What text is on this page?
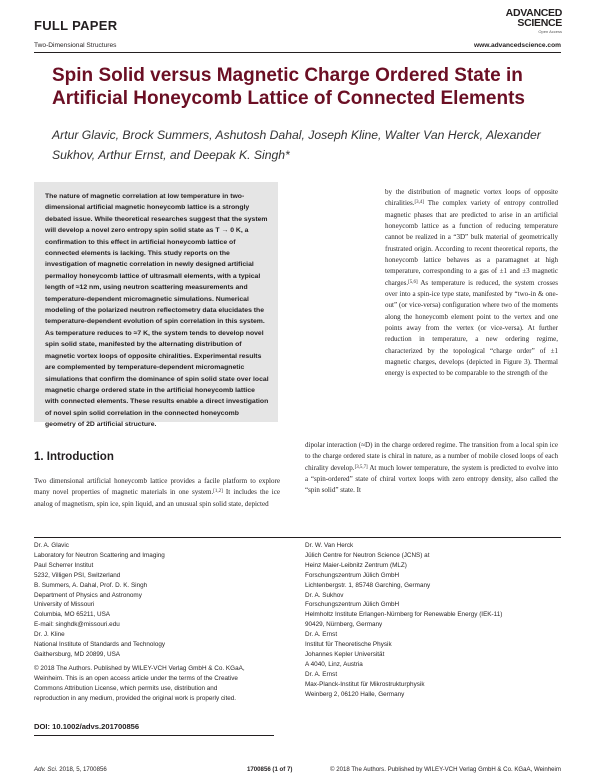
FULL PAPER
ADVANCED
SCIENCE
Open Access
Two-Dimensional Structures	www.advancedscience.com
Spin Solid versus Magnetic Charge Ordered State in Artificial Honeycomb Lattice of Connected Elements
Artur Glavic, Brock Summers, Ashutosh Dahal, Joseph Kline, Walter Van Herck, Alexander Sukhov, Arthur Ernst, and Deepak K. Singh*

The nature of magnetic correlation at low temperature in two-dimensional artificial magnetic honeycomb lattice is a strongly debated issue. While theoretical researches suggest that the system will develop a novel zero entropy spin solid state as T → 0 K, a confirmation to this effect in artificial honeycomb lattice of connected elements is lacking. This study reports on the investigation of magnetic correlation in newly designed artificial permalloy honeycomb lattice of ultrasmall elements, with a typical length of ≈12 nm, using neutron scattering measurements and temperature-dependent micromagnetic simulations. Numerical modeling of the polarized neutron reflectometry data elucidates the temperature-dependent evolution of spin correlation in this system. As temperature reduces to ≈7 K, the system tends to develop novel spin solid state, manifested by the alternating distribution of magnetic vortex loops of opposite chiralities. Experimental results are complemented by temperature-dependent micromagnetic simulations that confirm the dominance of spin solid state over local magnetic charge ordered state in the artificial honeycomb lattice with connected elements. These results enable a direct investigation of novel spin solid correlation in the connected honeycomb geometry of 2D artificial structure.

by the distribution of magnetic vortex loops of opposite chiralities.[3,4] The complex variety of entropy controlled magnetic phases that are predicted to arise in an artificial honeycomb lattice as a function of reducing temperature cannot be realized in a “3D” bulk material of geometrically frustrated origin. According to recent theoretical reports, the honeycomb lattice behaves as a paramagnet at high temperature, corresponding to a gas of ±1 and ±3 magnetic charges.[5,6] As temperature is reduced, the system crosses over into a spin-ice type state, manifested by “two-in & one-out” (or vice-versa) configuration where two of the moments along the honeycomb element point to the vertex and one points away from the vertex (or vice-versa). At further reduction in temperature, a new ordering regime, characterized by the topological “charge order” of ±1 magnetic charges, develops (depicted in Figure 3). Thermal energy is expected to be comparable to the strength of the

1. Introduction

Two dimensional artificial honeycomb lattice provides a facile platform to explore many novel properties of magnetic materials in one system.[1,2] It includes the ice analog of magnetism, spin ice, spin liquid, and an unusual spin solid state, depicted

dipolar interaction (≈D) in the charge ordered regime. The transition from a local spin ice to the charge ordered state is chiral in nature, as a number of mobile closed loops of each chirality develop.[3,5,7] At much lower temperature, the system is predicted to evolve into a “spin-ordered” state of chiral vortex loops with zero entropy density, also called the “spin solid” state. It

Dr. A. Glavic

Laboratory for Neutron Scattering and Imaging

Paul Scherrer Institut

5232, Villigen PSI, Switzerland

B. Summers, A. Dahal, Prof. D. K. Singh

Department of Physics and Astronomy

University of Missouri

Columbia, MO 65211, USA

E-mail: singhdk@missouri.edu

Dr. J. Kline

National Institute of Standards and Technology

Gaithersburg, MD 20899, USA

© 2018 The Authors. Published by WILEY-VCH Verlag GmbH & Co. KGaA,

Weinheim. This is an open access article under the terms of the Creative

Commons Attribution License, which permits use, distribution and

reproduction in any medium, provided the original work is properly cited.

Dr. W. Van Herck

Jülich Centre for Neutron Science (JCNS) at

Heinz Maier-Leibnitz Zentrum (MLZ)

Forschungszentrum Jülich GmbH

Lichtenbergstr. 1, 85748 Garching, Germany

Dr. A. Sukhov

Forschungszentrum Jülich GmbH

Helmholtz Institute Erlangen-Nürnberg for Renewable Energy (IEK-11)

90429, Nürnberg, Germany

Dr. A. Ernst

Institut für Theoretische Physik

Johannes Kepler Universität

A 4040, Linz, Austria

Dr. A. Ernst

Max-Planck-Institut für Mikrostrukturphysik

Weinberg 2, 06120 Halle, Germany

DOI: 10.1002/advs.201700856
Adv. Sci. 2018, 5, 1700856	1700856 (1 of 7)	© 2018 The Authors. Published by WILEY-VCH Verlag GmbH & Co. KGaA, Weinheim
